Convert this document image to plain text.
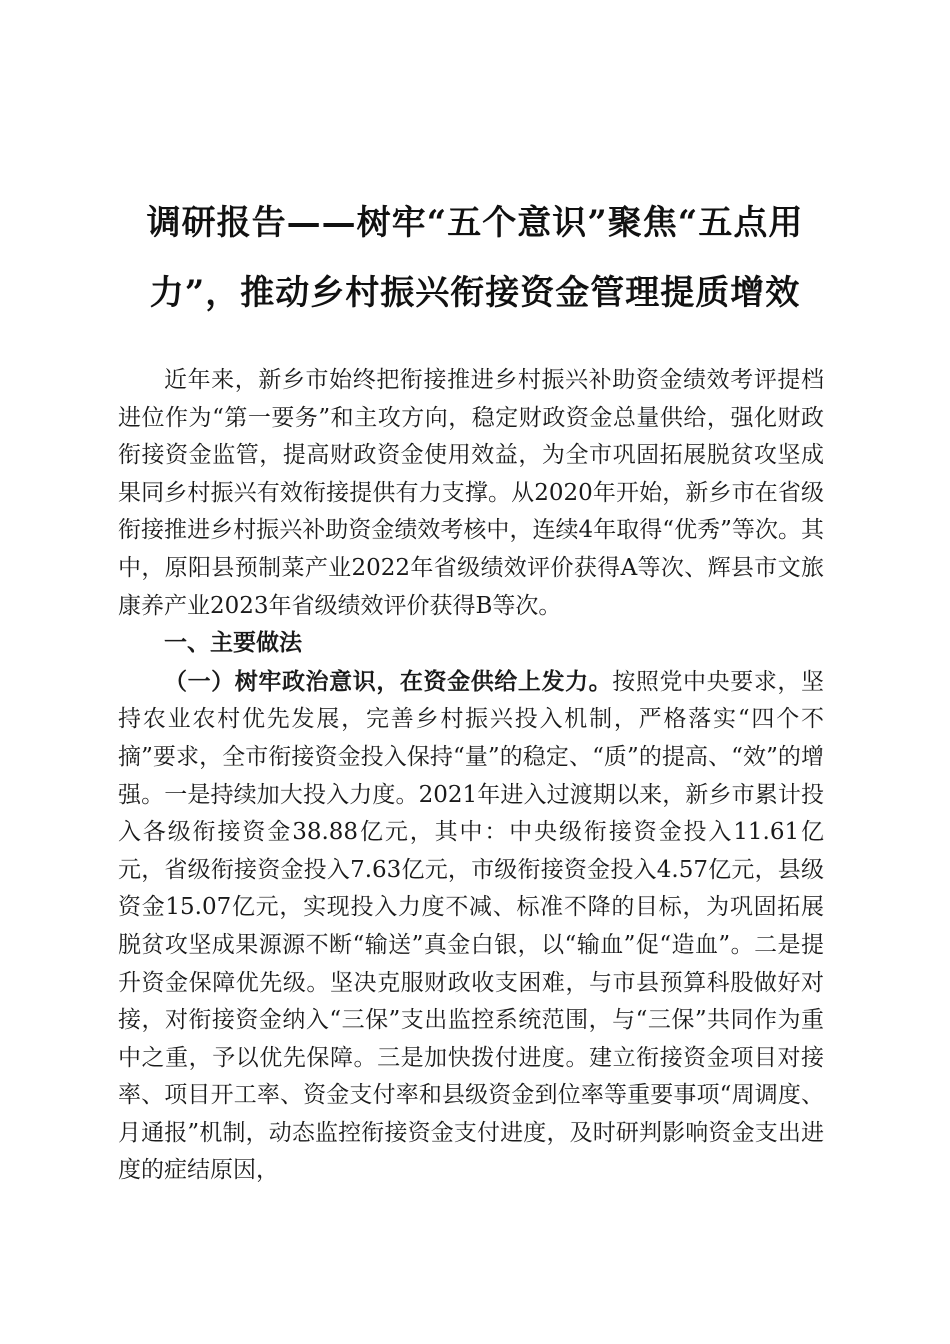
调研报告——树牢“五个意识”聚焦“五点用力”，推动乡村振兴衔接资金管理提质增效

近年来，新乡市始终把衔接推进乡村振兴补助资金绩效考评提档进位作为“第一要务”和主攻方向，稳定财政资金总量供给，强化财政衔接资金监管，提高财政资金使用效益，为全市巩固拓展脱贫攻坚成果同乡村振兴有效衔接提供有力支撑。从2020年开始，新乡市在省级衔接推进乡村振兴补助资金绩效考核中，连续4年取得“优秀”等次。其中，原阳县预制菜产业2022年省级绩效评价获得A等次、辉县市文旅康养产业2023年省级绩效评价获得B等次。

一、主要做法

（一）树牢政治意识，在资金供给上发力。按照党中央要求，坚持农业农村优先发展，完善乡村振兴投入机制，严格落实“四个不摘”要求，全市衔接资金投入保持“量”的稳定、“质”的提高、“效”的增强。一是持续加大投入力度。2021年进入过渡期以来，新乡市累计投入各级衔接资金38.88亿元，其中：中央级衔接资金投入11.61亿元，省级衔接资金投入7.63亿元，市级衔接资金投入4.57亿元，县级资金15.07亿元，实现投入力度不减、标准不降的目标，为巩固拓展脱贫攻坚成果源源不断“输送”真金白银，以“输血”促“造血”。二是提升资金保障优先级。坚决克服财政收支困难，与市县预算科股做好对接，对衔接资金纳入“三保”支出监控系统范围，与“三保”共同作为重中之重，予以优先保障。三是加快拨付进度。建立衔接资金项目对接率、项目开工率、资金支付率和县级资金到位率等重要事项“周调度、月通报”机制，动态监控衔接资金支付进度，及时研判影响资金支出进度的症结原因，
